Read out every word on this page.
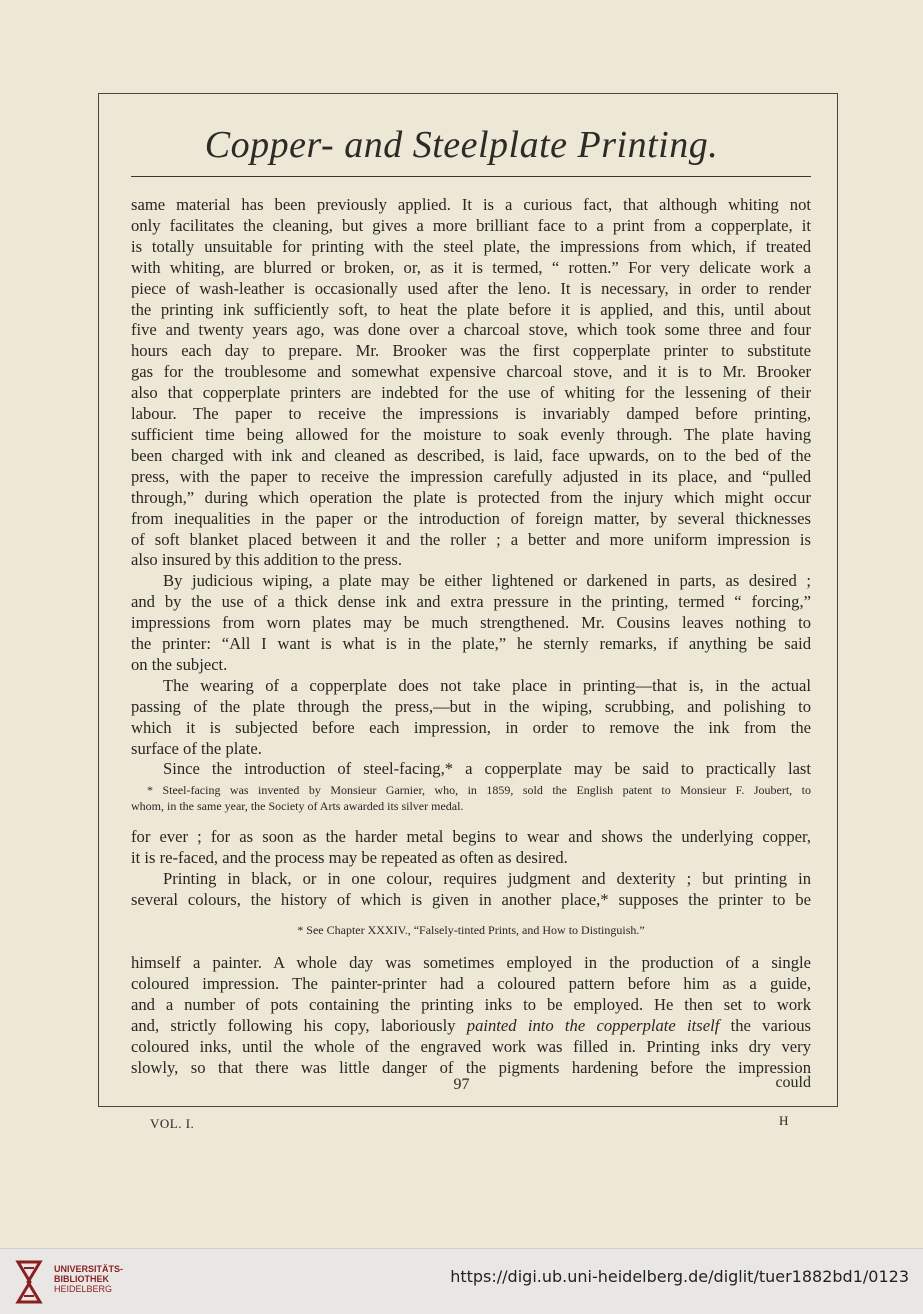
Copper- and Steelplate Printing.

same material has been previously applied. It is a curious fact, that although whiting not

only facilitates the cleaning, but gives a more brilliant face to a print from a copperplate, it

is totally unsuitable for printing with the steel plate, the impressions from which, if treated

with whiting, are blurred or broken, or, as it is termed, “ rotten.” For very delicate work a

piece of wash-leather is occasionally used after the leno. It is necessary, in order to render

the printing ink sufficiently soft, to heat the plate before it is applied, and this, until about

five and twenty years ago, was done over a charcoal stove, which took some three and four

hours each day to prepare. Mr. Brooker was the first copperplate printer to substitute

gas for the troublesome and somewhat expensive charcoal stove, and it is to Mr. Brooker

also that copperplate printers are indebted for the use of whiting for the lessening of their

labour. The paper to receive the impressions is invariably damped before printing,

sufficient time being allowed for the moisture to soak evenly through. The plate having

been charged with ink and cleaned as described, is laid, face upwards, on to the bed of the

press, with the paper to receive the impression carefully adjusted in its place, and “pulled

through,” during which operation the plate is protected from the injury which might occur

from inequalities in the paper or the introduction of foreign matter, by several thicknesses

of soft blanket placed between it and the roller ; a better and more uniform impression is

also insured by this addition to the press.

By judicious wiping, a plate may be either lightened or darkened in parts, as desired ;

and by the use of a thick dense ink and extra pressure in the printing, termed “ forcing,”

impressions from worn plates may be much strengthened. Mr. Cousins leaves nothing to

the printer: “All I want is what is in the plate,” he sternly remarks, if anything be said

on the subject.

The wearing of a copperplate does not take place in printing—that is, in the actual

passing of the plate through the press,—but in the wiping, scrubbing, and polishing to

which it is subjected before each impression, in order to remove the ink from the

surface of the plate.

Since the introduction of steel-facing,* a copperplate may be said to practically last

* Steel-facing was invented by Monsieur Garnier, who, in 1859, sold the English patent to Monsieur F. Joubert, to

whom, in the same year, the Society of Arts awarded its silver medal.

for ever ; for as soon as the harder metal begins to wear and shows the underlying copper,

it is re-faced, and the process may be repeated as often as desired.

Printing in black, or in one colour, requires judgment and dexterity ; but printing in

several colours, the history of which is given in another place,* supposes the printer to be

* See Chapter XXXIV., “Falsely-tinted Prints, and How to Distinguish.”

himself a painter. A whole day was sometimes employed in the production of a single

coloured impression. The painter-printer had a coloured pattern before him as a guide,

and a number of pots containing the printing inks to be employed. He then set to work

and, strictly following his copy, laboriously painted into the copperplate itself the various

coloured inks, until the whole of the engraved work was filled in. Printing inks dry very

slowly, so that there was little danger of the pigments hardening before the impression

97	could
VOL. I.	H
UNIVERSITÄTS-
BIBLIOTHEK
HEIDELBERG
https://digi.ub.uni-heidelberg.de/diglit/tuer1882bd1/0123
